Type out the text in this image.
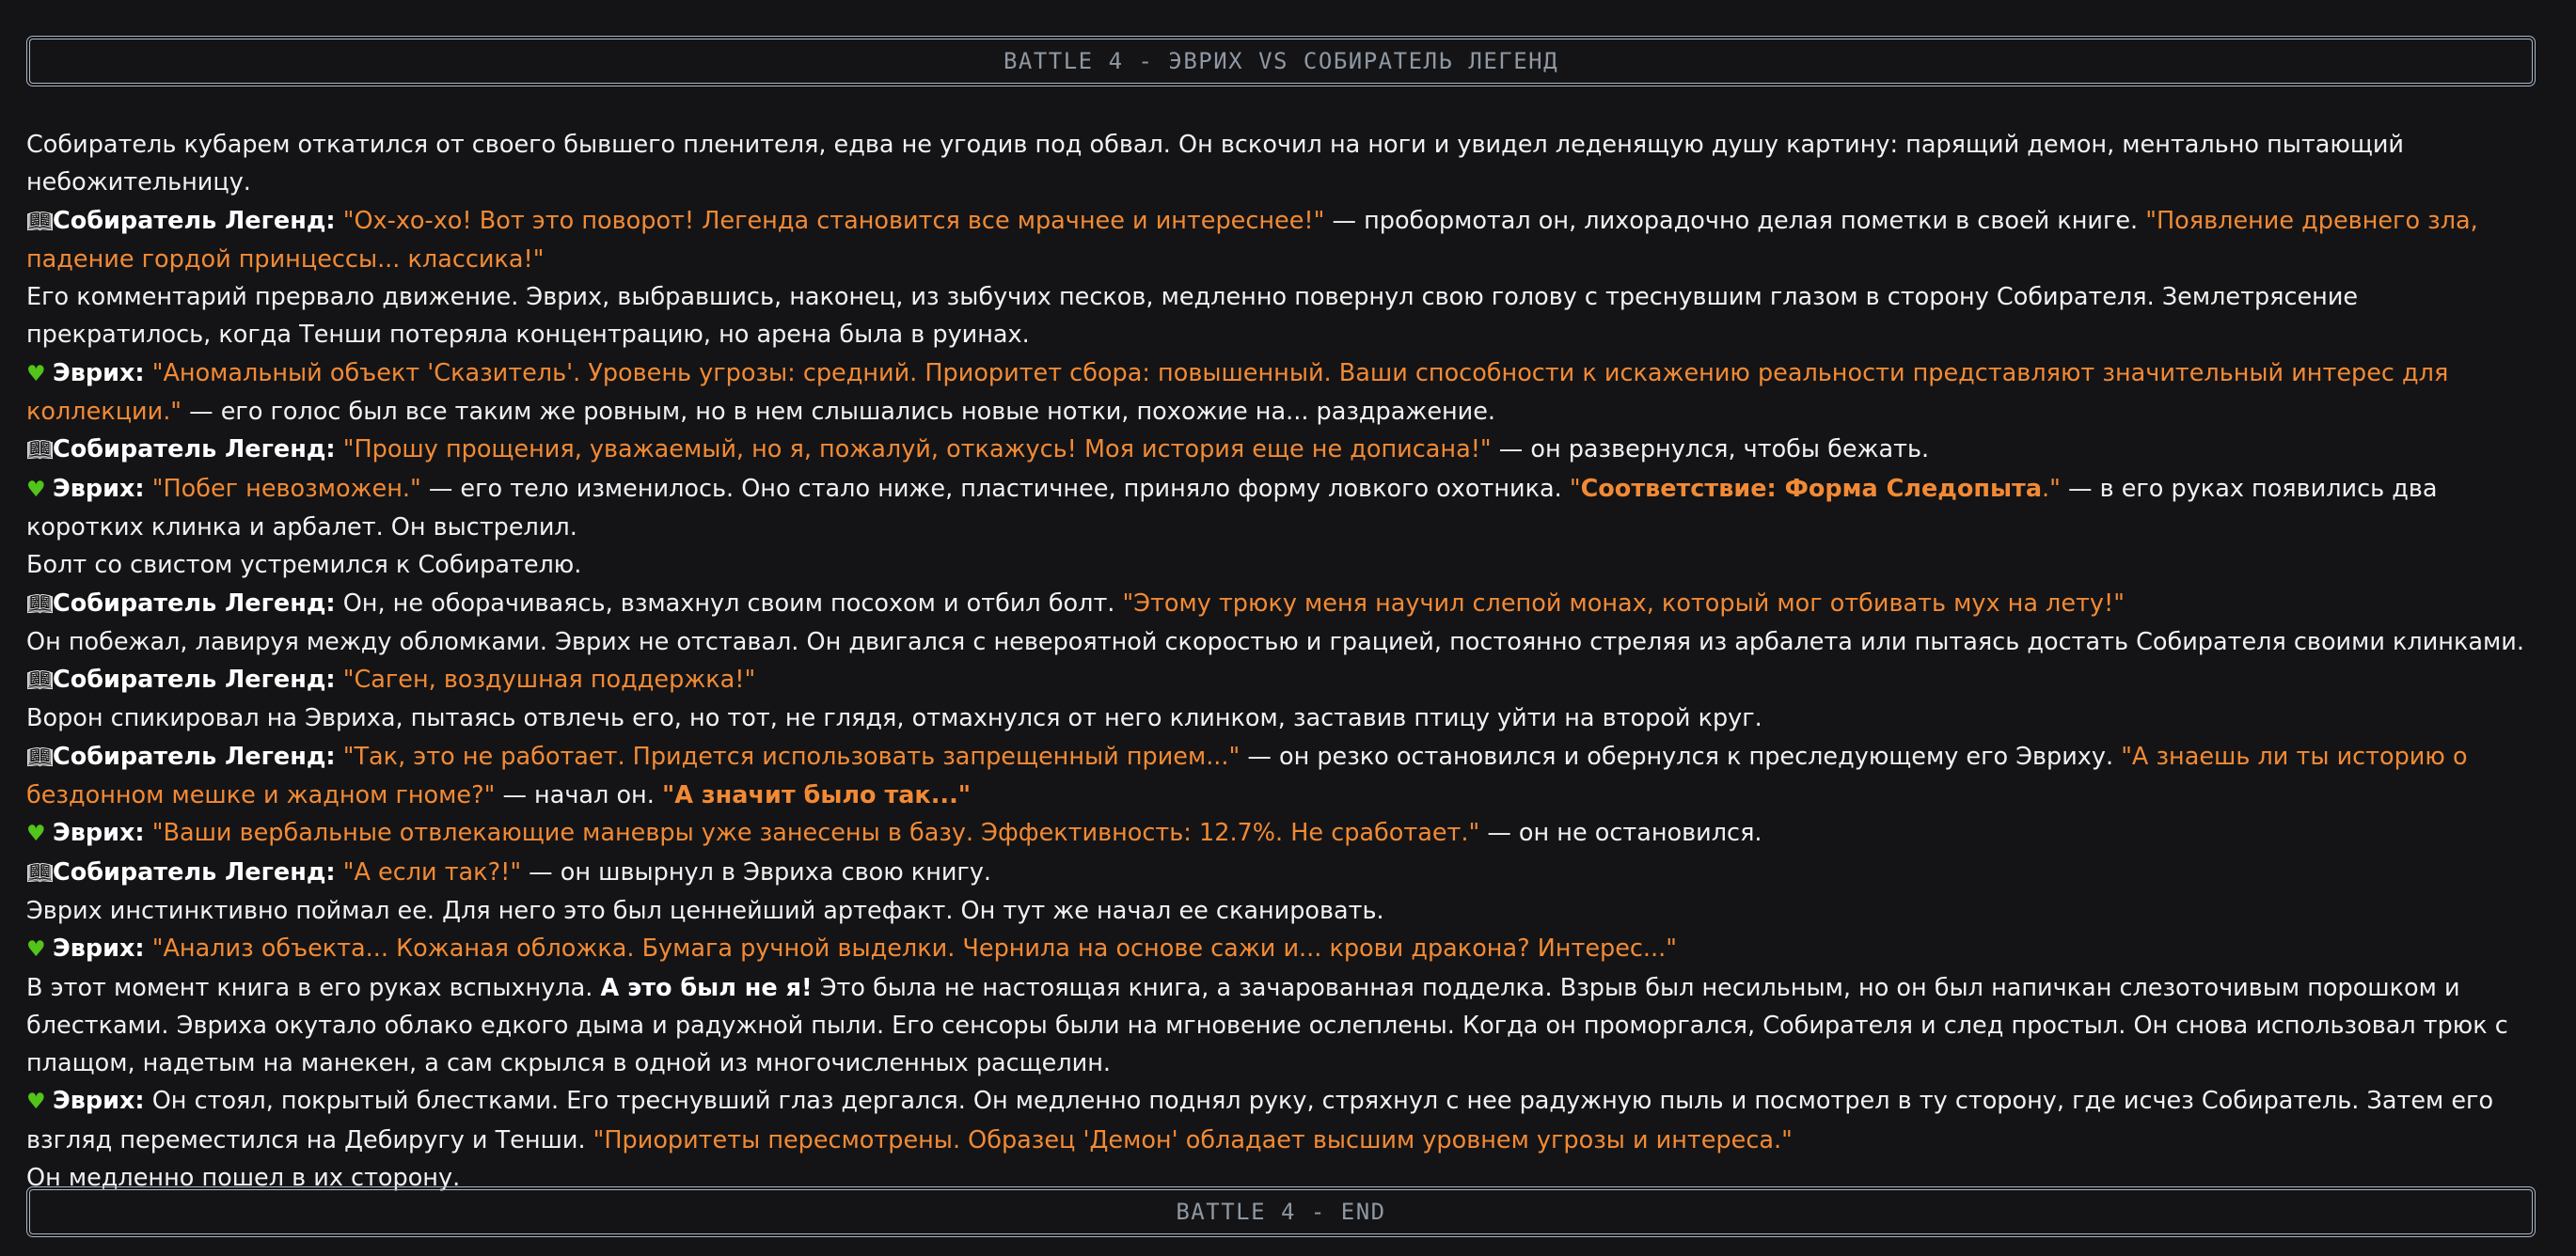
BATTLE 4 - ЭВРИХ VS СОБИРАТЕЛЬ ЛЕГЕНД

Собиратель кубарем откатился от своего бывшего пленителя, едва не угодив под обвал. Он вскочил на ноги и увидел леденящую душу картину: парящий демон, ментально пытающий небожительницу.

📖︎Собиратель Легенд: "Ох-хо-хо! Вот это поворот! Легенда становится все мрачнее и интереснее!" — пробормотал он, лихорадочно делая пометки в своей книге. "Появление древнего зла, падение гордой принцессы... классика!"

Его комментарий прервало движение. Эврих, выбравшись, наконец, из зыбучих песков, медленно повернул свою голову с треснувшим глазом в сторону Собирателя. Землетрясение прекратилось, когда Тенши потеряла концентрацию, но арена была в руинах.

♥ Эврих: "Аномальный объект 'Сказитель'. Уровень угрозы: средний. Приоритет сбора: повышенный. Ваши способности к искажению реальности представляют значительный интерес для коллекции." — его голос был все таким же ровным, но в нем слышались новые нотки, похожие на... раздражение.

📖︎Собиратель Легенд: "Прошу прощения, уважаемый, но я, пожалуй, откажусь! Моя история еще не дописана!" — он развернулся, чтобы бежать.

♥ Эврих: "Побег невозможен." — его тело изменилось. Оно стало ниже, пластичнее, приняло форму ловкого охотника. "Соответствие: Форма Следопыта." — в его руках появились два коротких клинка и арбалет. Он выстрелил.

Болт со свистом устремился к Собирателю.

📖︎Собиратель Легенд: Он, не оборачиваясь, взмахнул своим посохом и отбил болт. "Этому трюку меня научил слепой монах, который мог отбивать мух на лету!"

Он побежал, лавируя между обломками. Эврих не отставал. Он двигался с невероятной скоростью и грацией, постоянно стреляя из арбалета или пытаясь достать Собирателя своими клинками.

📖︎Собиратель Легенд: "Саген, воздушная поддержка!"

Ворон спикировал на Эвриха, пытаясь отвлечь его, но тот, не глядя, отмахнулся от него клинком, заставив птицу уйти на второй круг.

📖︎Собиратель Легенд: "Так, это не работает. Придется использовать запрещенный прием..." — он резко остановился и обернулся к преследующему его Эвриху. "А знаешь ли ты историю о бездонном мешке и жадном гноме?" — начал он. "А значит было так..."

♥ Эврих: "Ваши вербальные отвлекающие маневры уже занесены в базу. Эффективность: 12.7%. Не сработает." — он не остановился.

📖︎Собиратель Легенд: "А если так?!" — он швырнул в Эвриха свою книгу.

Эврих инстинктивно поймал ее. Для него это был ценнейший артефакт. Он тут же начал ее сканировать.

♥ Эврих: "Анализ объекта... Кожаная обложка. Бумага ручной выделки. Чернила на основе сажи и... крови дракона? Интерес..."

В этот момент книга в его руках вспыхнула. А это был не я! Это была не настоящая книга, а зачарованная подделка. Взрыв был несильным, но он был напичкан слезоточивым порошком и блестками. Эвриха окутало облако едкого дыма и радужной пыли. Его сенсоры были на мгновение ослеплены. Когда он проморгался, Собирателя и след простыл. Он снова использовал трюк с плащом, надетым на манекен, а сам скрылся в одной из многочисленных расщелин.

♥ Эврих: Он стоял, покрытый блестками. Его треснувший глаз дергался. Он медленно поднял руку, стряхнул с нее радужную пыль и посмотрел в ту сторону, где исчез Собиратель. Затем его взгляд переместился на Дебиругу и Тенши. "Приоритеты пересмотрены. Образец 'Демон' обладает высшим уровнем угрозы и интереса."

Он медленно пошел в их сторону.

BATTLE 4 - END
